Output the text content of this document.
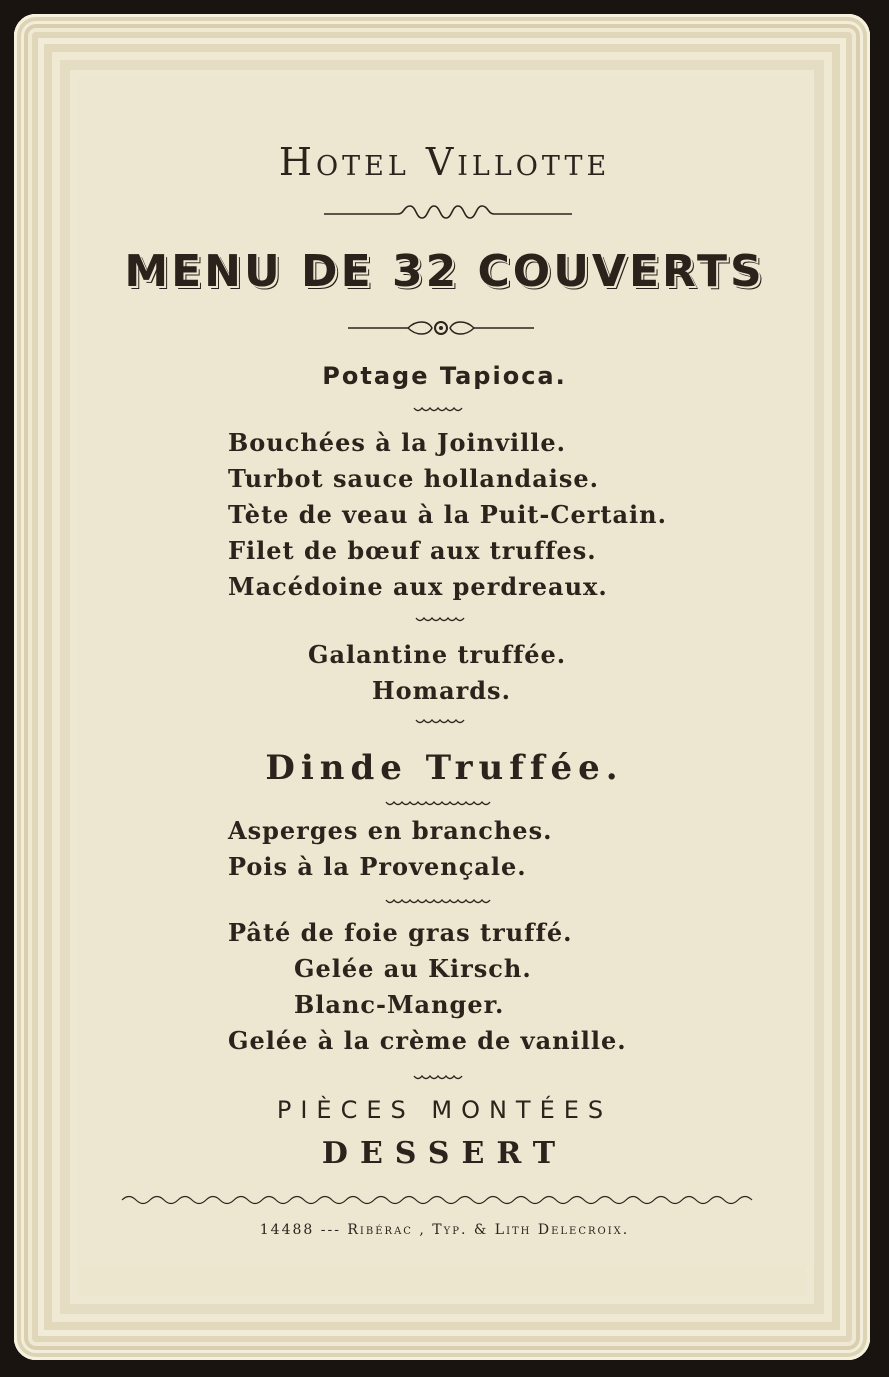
Hotel Villotte
MENU DE 32 COUVERTS
Potage Tapioca.
Bouchées à la Joinville.
Turbot sauce hollandaise.
Tète de veau à la Puit-Certain.
Filet de bœuf aux truffes.
Macédoine aux perdreaux.
Galantine truffée.
Homards.
Dinde Truffée.
Asperges en branches.
Pois à la Provençale.
Pâté de foie gras truffé.
Gelée au Kirsch.
Blanc-Manger.
Gelée à la crème de vanille.
PIÈCES MONTÉES
DESSERT
14488 --- Ribérac , Typ. & Lith Delecroix.
